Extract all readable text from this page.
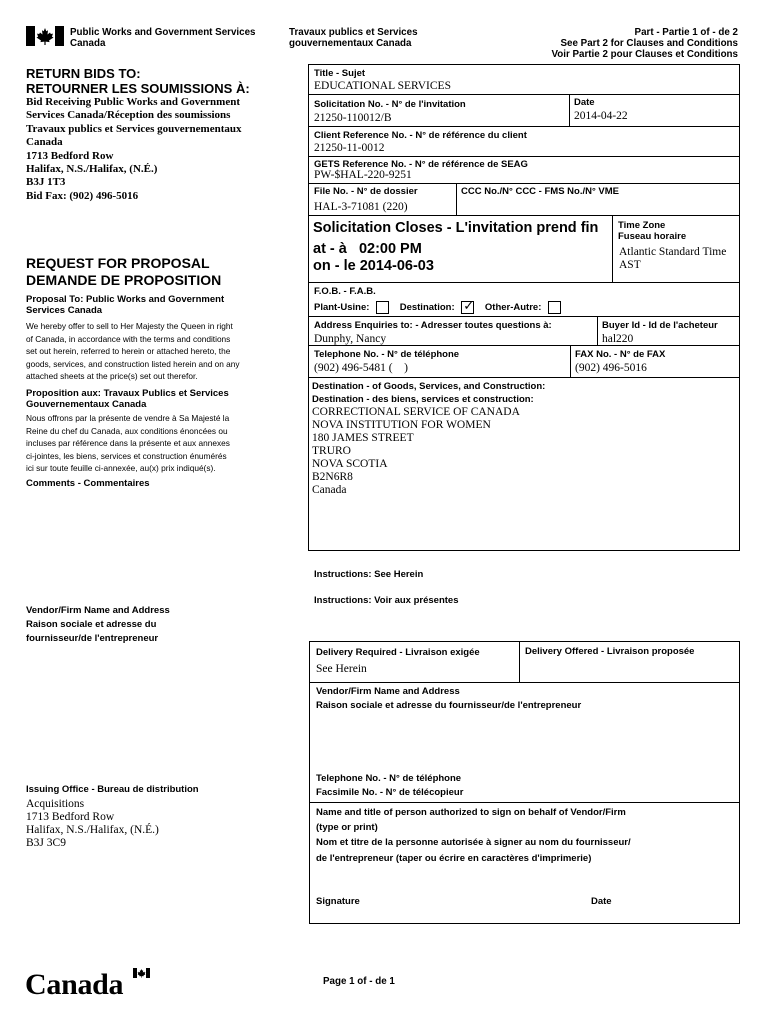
Public Works and Government Services
Canada
Travaux publics et Services
gouvernementaux Canada
Part - Partie 1 of - de 2
See Part 2 for Clauses and Conditions
Voir Partie 2 pour Clauses et Conditions
RETURN BIDS TO:
RETOURNER LES SOUMISSIONS À:
Bid Receiving Public Works and Government
Services Canada/Réception des soumissions
Travaux publics et Services gouvernementaux
Canada
1713 Bedford Row
Halifax, N.S./Halifax, (N.É.)
B3J 1T3
Bid Fax: (902) 496-5016
REQUEST FOR PROPOSAL
DEMANDE DE PROPOSITION
Proposal To: Public Works and Government
Services Canada
We hereby offer to sell to Her Majesty the Queen in right
of Canada, in accordance with the terms and conditions
set out herein, referred to herein or attached hereto, the
goods, services, and construction listed herein and on any
attached sheets at the price(s) set out therefor.
Proposition aux: Travaux Publics et Services
Gouvernementaux Canada
Nous offrons par la présente de vendre à Sa Majesté la
Reine du chef du Canada, aux conditions énoncées ou
incluses par référence dans la présente et aux annexes
ci-jointes, les biens, services et construction énumérés
ici sur toute feuille ci-annexée, au(x) prix indiqué(s).
Comments - Commentaires
Vendor/Firm Name and Address
Raison sociale et adresse du
fournisseur/de l'entrepreneur
Issuing Office - Bureau de distribution
Acquisitions
1713 Bedford Row
Halifax, N.S./Halifax, (N.É.)
B3J 3C9
Title - Sujet
EDUCATIONAL SERVICES
Solicitation No. - N° de l'invitation
21250-110012/B
Date
2014-04-22
Client Reference No. - N° de référence du client
21250-11-0012
GETS Reference No. - N° de référence de SEAG
PW-$HAL-220-9251
File No. - N° de dossier
HAL-3-71081 (220)
CCC No./N° CCC - FMS No./N° VME
Solicitation Closes - L'invitation prend fin
at - à 02:00 PM
on - le 2014-06-03
Time Zone
Fuseau horaire
Atlantic Standard Time
AST
F.O.B. - F.A.B.
Plant-Usine:	Destination: ✓ Other-Autre:
Address Enquiries to: - Adresser toutes questions à:
Dunphy, Nancy
Buyer Id - Id de l'acheteur
hal220
Telephone No. - N° de téléphone
(902) 496-5481 (    )
FAX No. - N° de FAX
(902) 496-5016
Destination - of Goods, Services, and Construction:
Destination - des biens, services et construction:
CORRECTIONAL SERVICE OF CANADA
NOVA INSTITUTION FOR WOMEN
180 JAMES STREET
TRURO
NOVA SCOTIA
B2N6R8
Canada
Instructions: See Herein
Instructions: Voir aux présentes
Delivery Required - Livraison exigée
See Herein
Delivery Offered - Livraison proposée
Vendor/Firm Name and Address
Raison sociale et adresse du fournisseur/de l'entrepreneur
Telephone No. - N° de téléphone
Facsimile No. - N° de télécopieur
Name and title of person authorized to sign on behalf of Vendor/Firm
(type or print)
Nom et titre de la personne autorisée à signer au nom du fournisseur/
de l'entrepreneur (taper ou écrire en caractères d'imprimerie)
Signature	Date
Page 1 of - de 1
Canada
